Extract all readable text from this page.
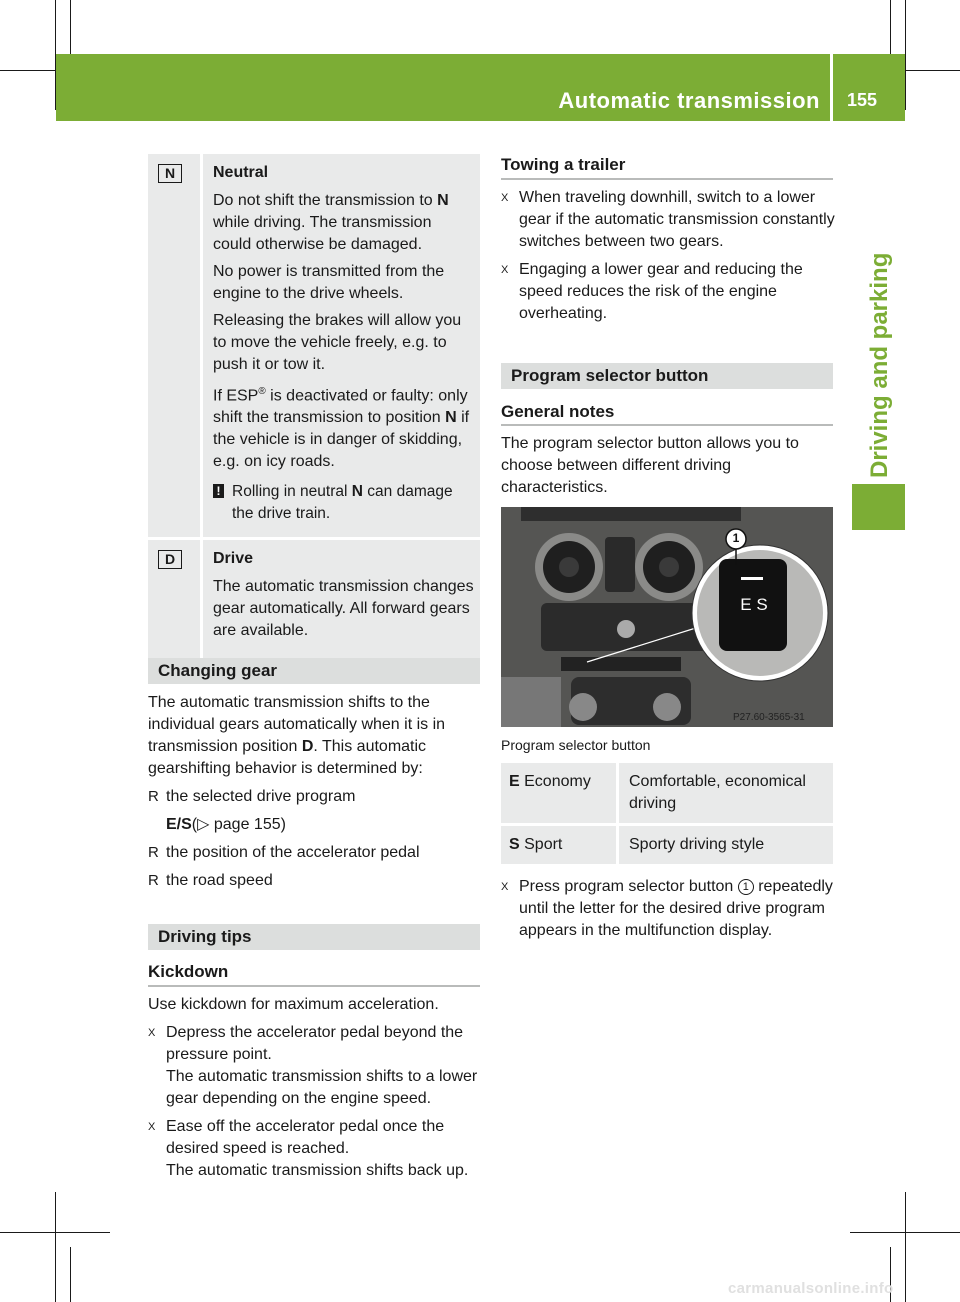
Automatic transmission 155
Driving and parking
N	Neutral

Do not shift the transmission to N while driving. The transmission could otherwise be damaged.

No power is transmitted from the engine to the drive wheels.

Releasing the brakes will allow you to move the vehicle freely, e.g. to push it or tow it.

If ESP® is deactivated or faulty: only shift the transmission to position N if the vehicle is in danger of skidding, e.g. on icy roads.

! Rolling in neutral N can damage the drive train.
D	Drive

The automatic transmission changes gear automatically. All forward gears are available.

Changing gear

The automatic transmission shifts to the individual gears automatically when it is in transmission position D. This automatic gearshifting behavior is determined by:

R the selected drive program

E/S(▷ page 155)

R the position of the accelerator pedal

R the road speed

Driving tips
Kickdown

Use kickdown for maximum acceleration.

X Depress the accelerator pedal beyond the pressure point.

The automatic transmission shifts to a lower gear depending on the engine speed.

X Ease off the accelerator pedal once the desired speed is reached.

The automatic transmission shifts back up.

Towing a trailer
X When traveling downhill, switch to a lower gear if the automatic transmission constantly switches between two gears.

X Engaging a lower gear and reducing the speed reduces the risk of the engine overheating.

Program selector button
General notes

The program selector button allows you to choose between different driving characteristics.

1
E S
P27.60-3565-31

Program selector button

E Economy	Comfortable, economical driving
S Sport	Sporty driving style
X Press program selector button 1 repeatedly until the letter for the desired drive program appears in the multifunction display.

carmanualsonline.info
